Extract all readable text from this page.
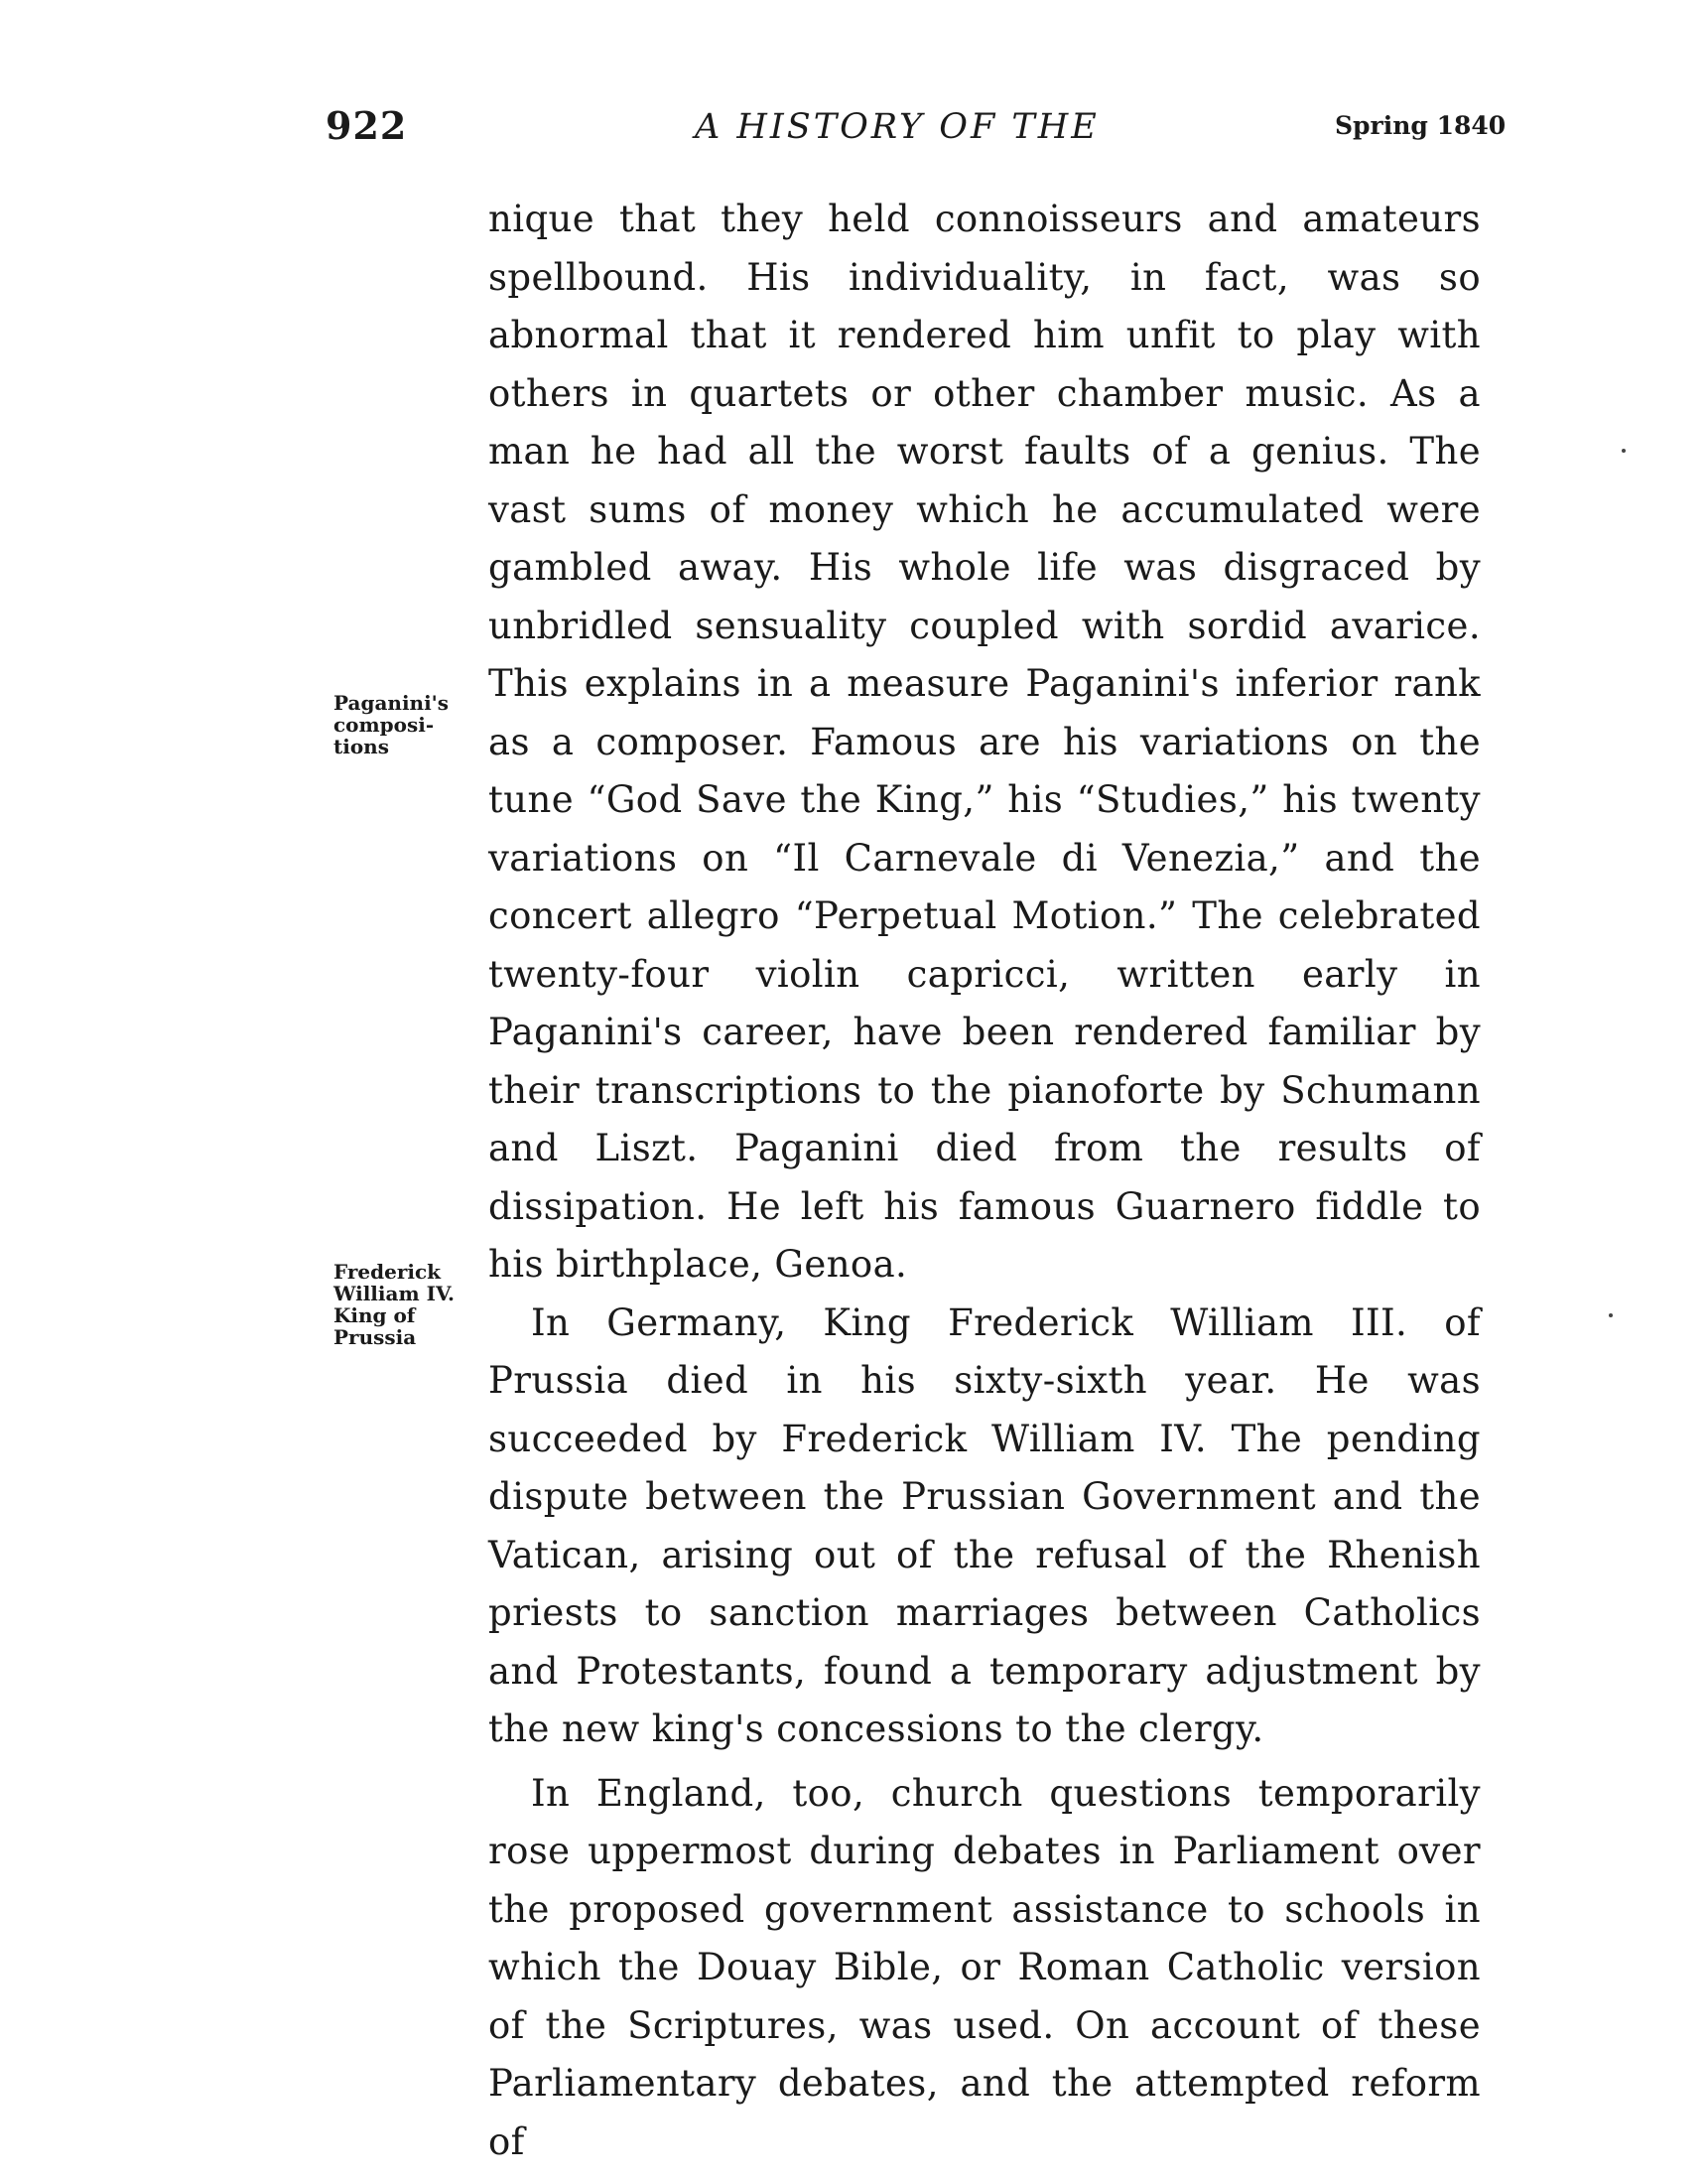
922	A HISTORY OF THE	Spring 1840
Paganini's
composi-
tions
Frederick
William IV.
King of
Prussia

nique that they held connoisseurs and amateurs spellbound. His individuality, in fact, was so abnormal that it rendered him unfit to play with others in quartets or other chamber music. As a man he had all the worst faults of a genius. The vast sums of money which he accumulated were gambled away. His whole life was disgraced by unbridled sensuality coupled with sordid avarice. This explains in a measure Paganini's inferior rank as a composer. Famous are his variations on the tune “God Save the King,” his “Studies,” his twenty variations on “Il Carnevale di Venezia,” and the concert allegro “Perpetual Motion.” The celebrated twenty-four violin capricci, written early in Paganini's career, have been rendered familiar by their transcriptions to the pianoforte by Schumann and Liszt. Paganini died from the results of dissipation. He left his famous Guarnero fiddle to his birthplace, Genoa.

In Germany, King Frederick William III. of Prussia died in his sixty-sixth year. He was succeeded by Frederick William IV. The pending dispute between the Prussian Government and the Vatican, arising out of the refusal of the Rhenish priests to sanction marriages between Catholics and Protestants, found a temporary adjustment by the new king's concessions to the clergy.

In England, too, church questions temporarily rose uppermost during debates in Parliament over the proposed government assistance to schools in which the Douay Bible, or Roman Catholic version of the Scriptures, was used. On account of these Parliamentary debates, and the attempted reform of
